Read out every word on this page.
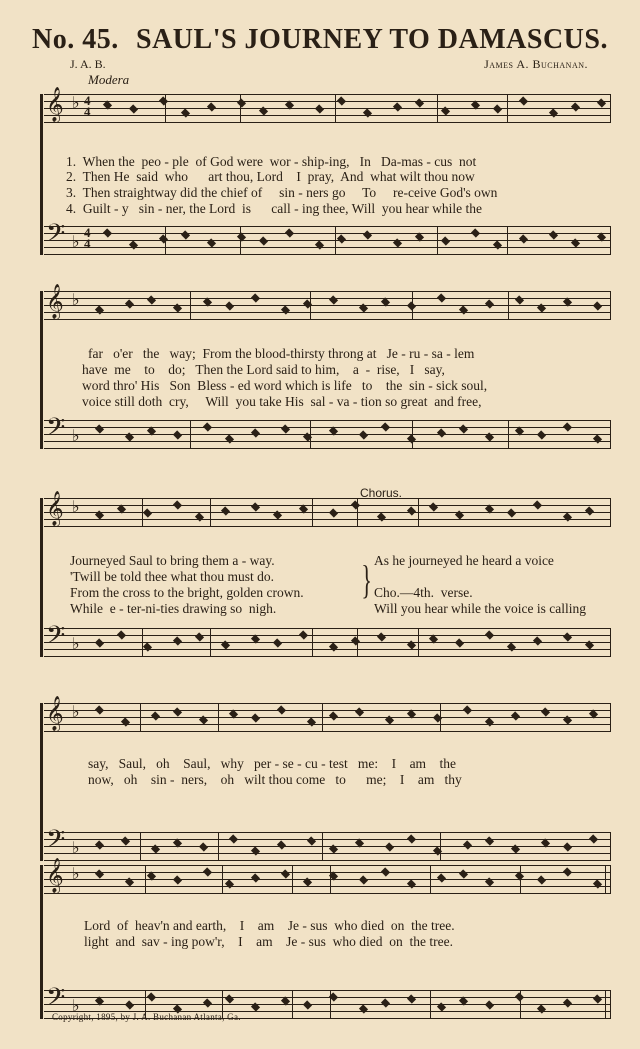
No. 45. SAUL'S JOURNEY TO DAMASCUS.
J. A. B.	James A. Buchanan.
Modera
𝄞 ♭ 4
4
𝄢 ♭
4
4
𝄞 ♭
𝄢 ♭
𝄞 ♭
𝄢 ♭
𝄞 ♭
𝄢 ♭
𝄞 ♭
𝄢 ♭
1.  When the  peo - ple  of God were  wor - ship-ing,   In   Da-mas - cus  not
2.  Then He  said  who      art thou, Lord    I  pray,  And  what wilt thou now
3.  Then straightway did the chief of     sin - ners go     To     re-ceive God's own
4.  Guilt - y   sin - ner, the Lord  is      call - ing thee, Will  you hear while the
far   o'er   the   way;  From the blood-thirsty throng at   Je - ru - sa - lem
have  me    to    do;   Then the Lord said to him,    a  -  rise,   I   say,
word thro' His   Son  Bless - ed word which is life   to    the  sin - sick soul,
voice still doth  cry,     Will  you take His  sal - va - tion so great  and free,
Chorus.
Journeyed Saul to bring them a - way.
'Twill be told thee what thou must do.
From the cross to the bright, golden crown.
While  e - ter-ni-ties drawing so  nigh.
} As he journeyed he heard a voice
Cho.—4th.  verse.
Will you hear while the voice is calling
say,   Saul,   oh    Saul,   why   per - se - cu - test   me:    I    am    the
now,   oh    sin -  ners,    oh   wilt thou come   to      me;    I    am   thy
Lord  of  heav'n and earth,    I    am    Je - sus  who died  on  the tree.
light  and  sav - ing pow'r,    I    am    Je - sus  who died  on  the tree.
Copyright, 1895, by J. A. Buchanan Atlanta, Ga.
